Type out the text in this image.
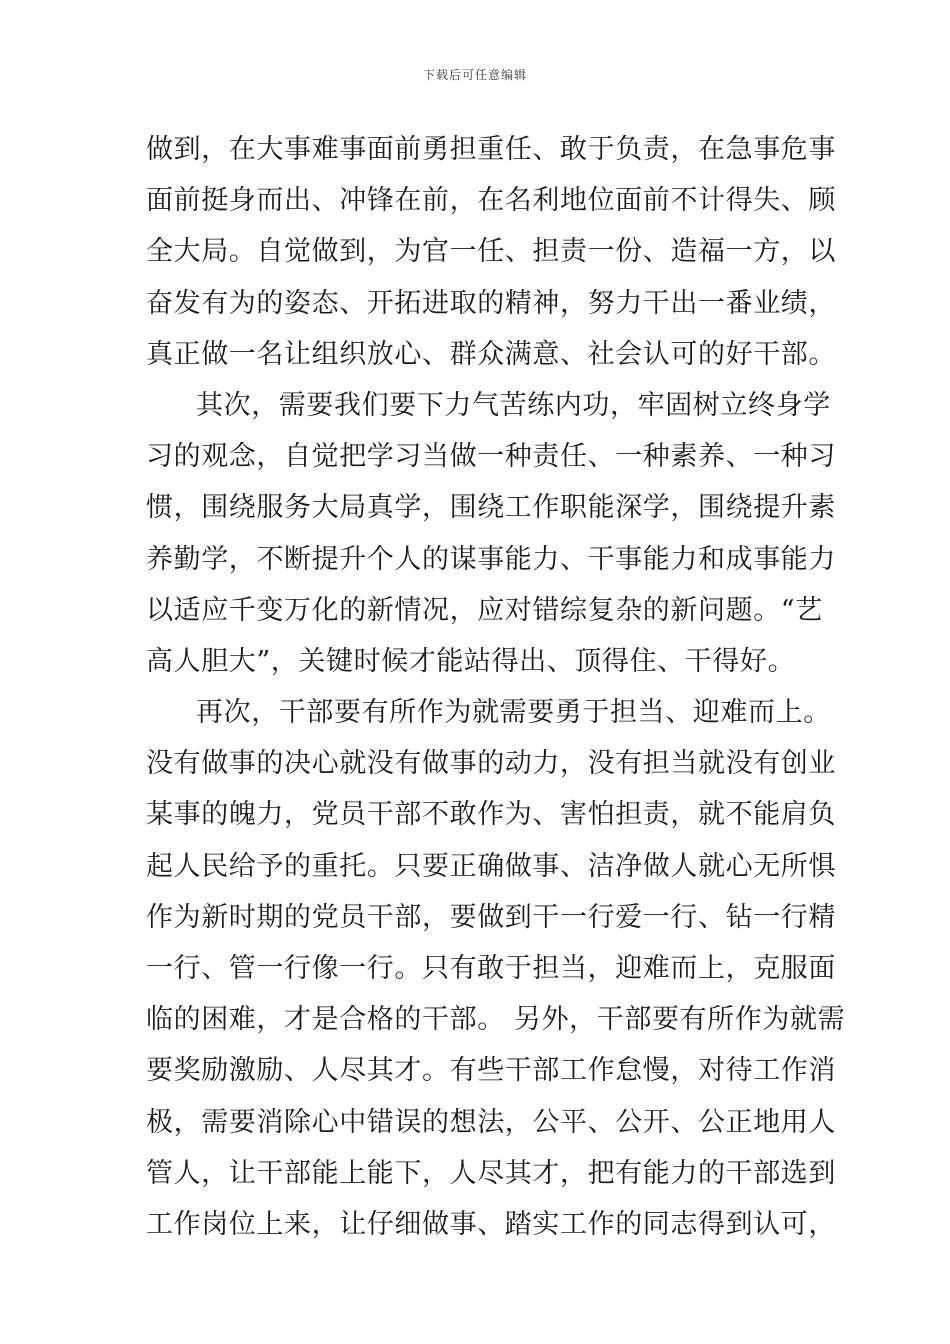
下载后可任意编辑
做到，在大事难事面前勇担重任、敢于负责，在急事危事
面前挺身而出、冲锋在前，在名利地位面前不计得失、顾
全大局。自觉做到，为官一任、担责一份、造福一方，以
奋发有为的姿态、开拓进取的精神，努力干出一番业绩，
真正做一名让组织放心、群众满意、社会认可的好干部。
其次，需要我们要下力气苦练内功，牢固树立终身学
习的观念，自觉把学习当做一种责任、一种素养、一种习
惯，围绕服务大局真学，围绕工作职能深学，围绕提升素
养勤学，不断提升个人的谋事能力、干事能力和成事能力
以适应千变万化的新情况，应对错综复杂的新问题。“艺
高人胆大”，关键时候才能站得出、顶得住、干得好。
再次，干部要有所作为就需要勇于担当、迎难而上。
没有做事的决心就没有做事的动力，没有担当就没有创业
某事的魄力，党员干部不敢作为、害怕担责，就不能肩负
起人民给予的重托。只要正确做事、洁净做人就心无所惧
作为新时期的党员干部，要做到干一行爱一行、钻一行精
一行、管一行像一行。只有敢于担当，迎难而上，克服面
临的困难，才是合格的干部。 另外，干部要有所作为就需
要奖励激励、人尽其才。有些干部工作怠慢，对待工作消
极，需要消除心中错误的想法，公平、公开、公正地用人
管人，让干部能上能下，人尽其才，把有能力的干部选到
工作岗位上来，让仔细做事、踏实工作的同志得到认可，
